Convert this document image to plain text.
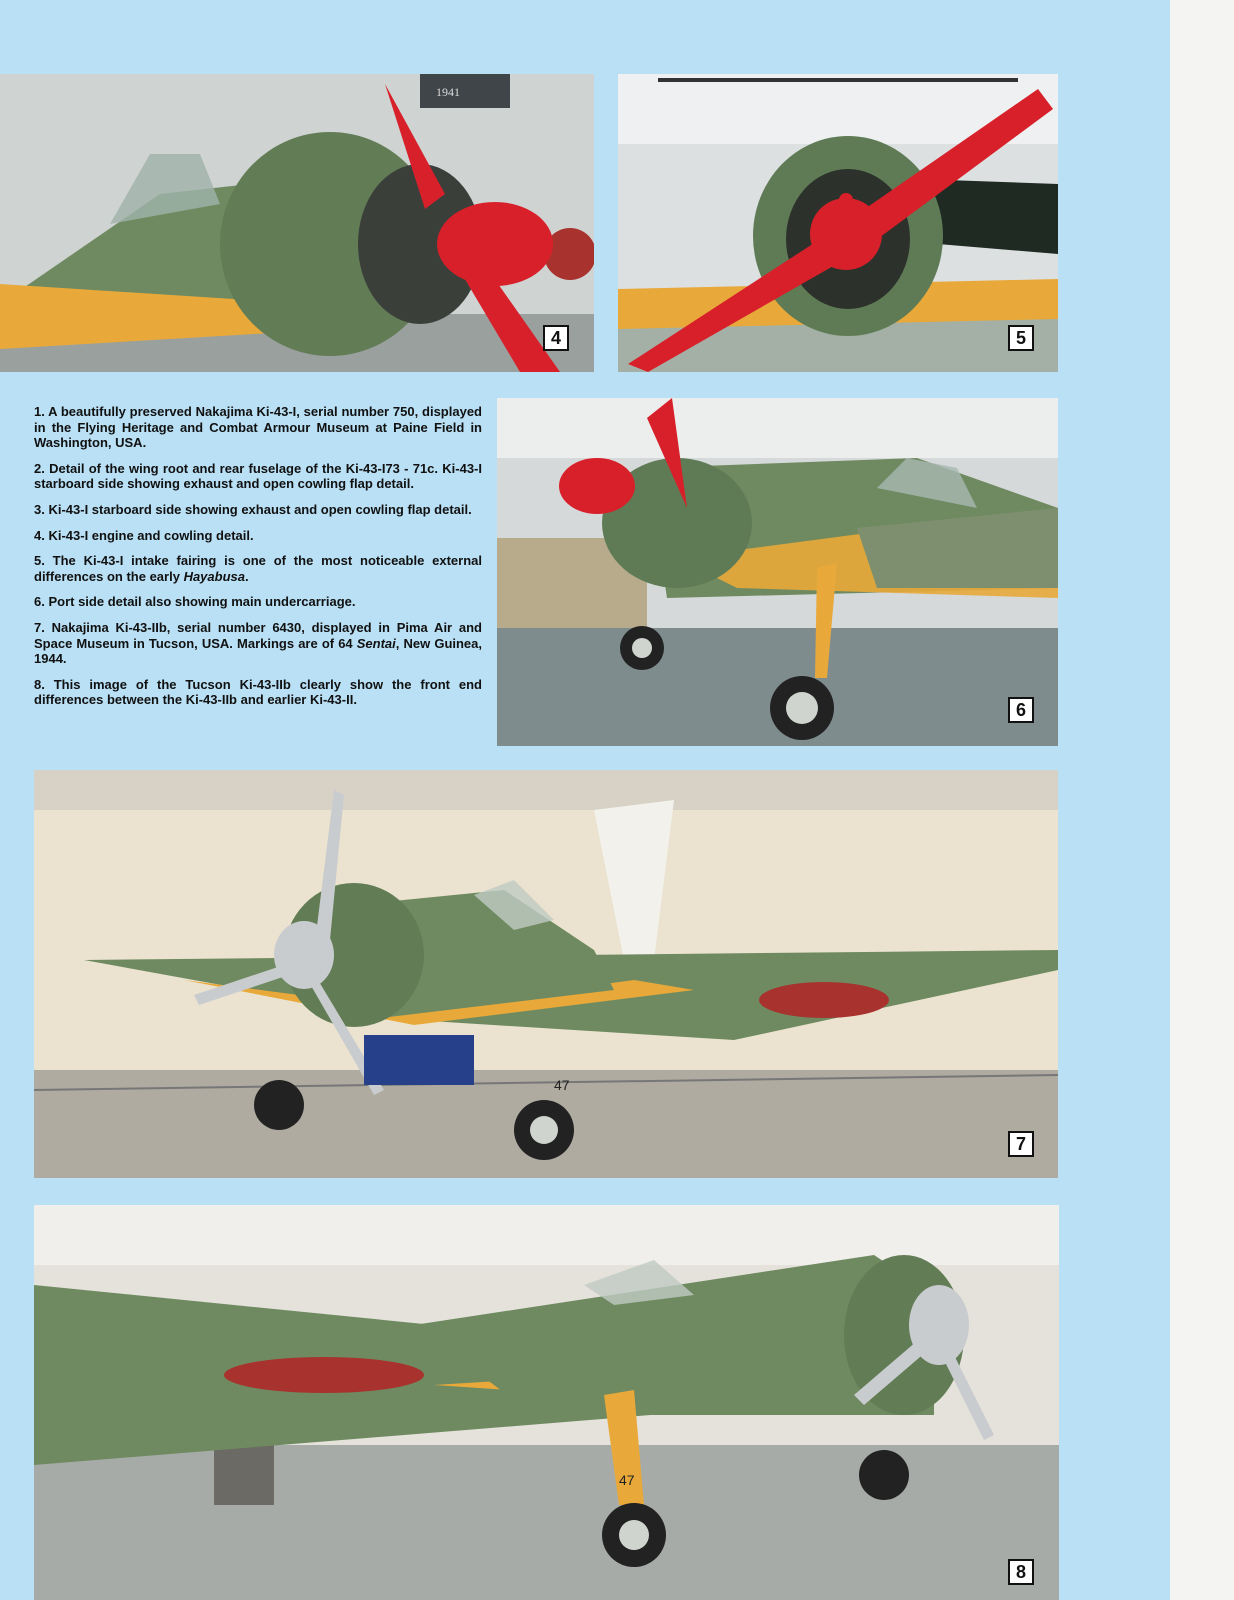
1941
4	5

1. A beautifully preserved Nakajima Ki-43-I, serial number 750, displayed in the Flying Heritage and Combat Armour Museum at Paine Field in Washington, USA.

2. Detail of the wing root and rear fuselage of the Ki-43-I73 - 71c. Ki-43-I starboard side showing exhaust and open cowling flap detail.

3. Ki-43-I starboard side showing exhaust and open cowling flap detail.

4. Ki-43-I engine and cowling detail.

5. The Ki-43-I intake fairing is one of the most noticeable external differences on the early Hayabusa.

6. Port side detail also showing main undercarriage.

7. Nakajima Ki-43-IIb, serial number 6430, displayed in Pima Air and Space Museum in Tucson, USA. Markings are of 64 Sentai, New Guinea, 1944.

8. This image of the Tucson Ki-43-IIb clearly show the front end differences between the Ki-43-IIb and earlier Ki-43-II.

6
47
7
47
8
